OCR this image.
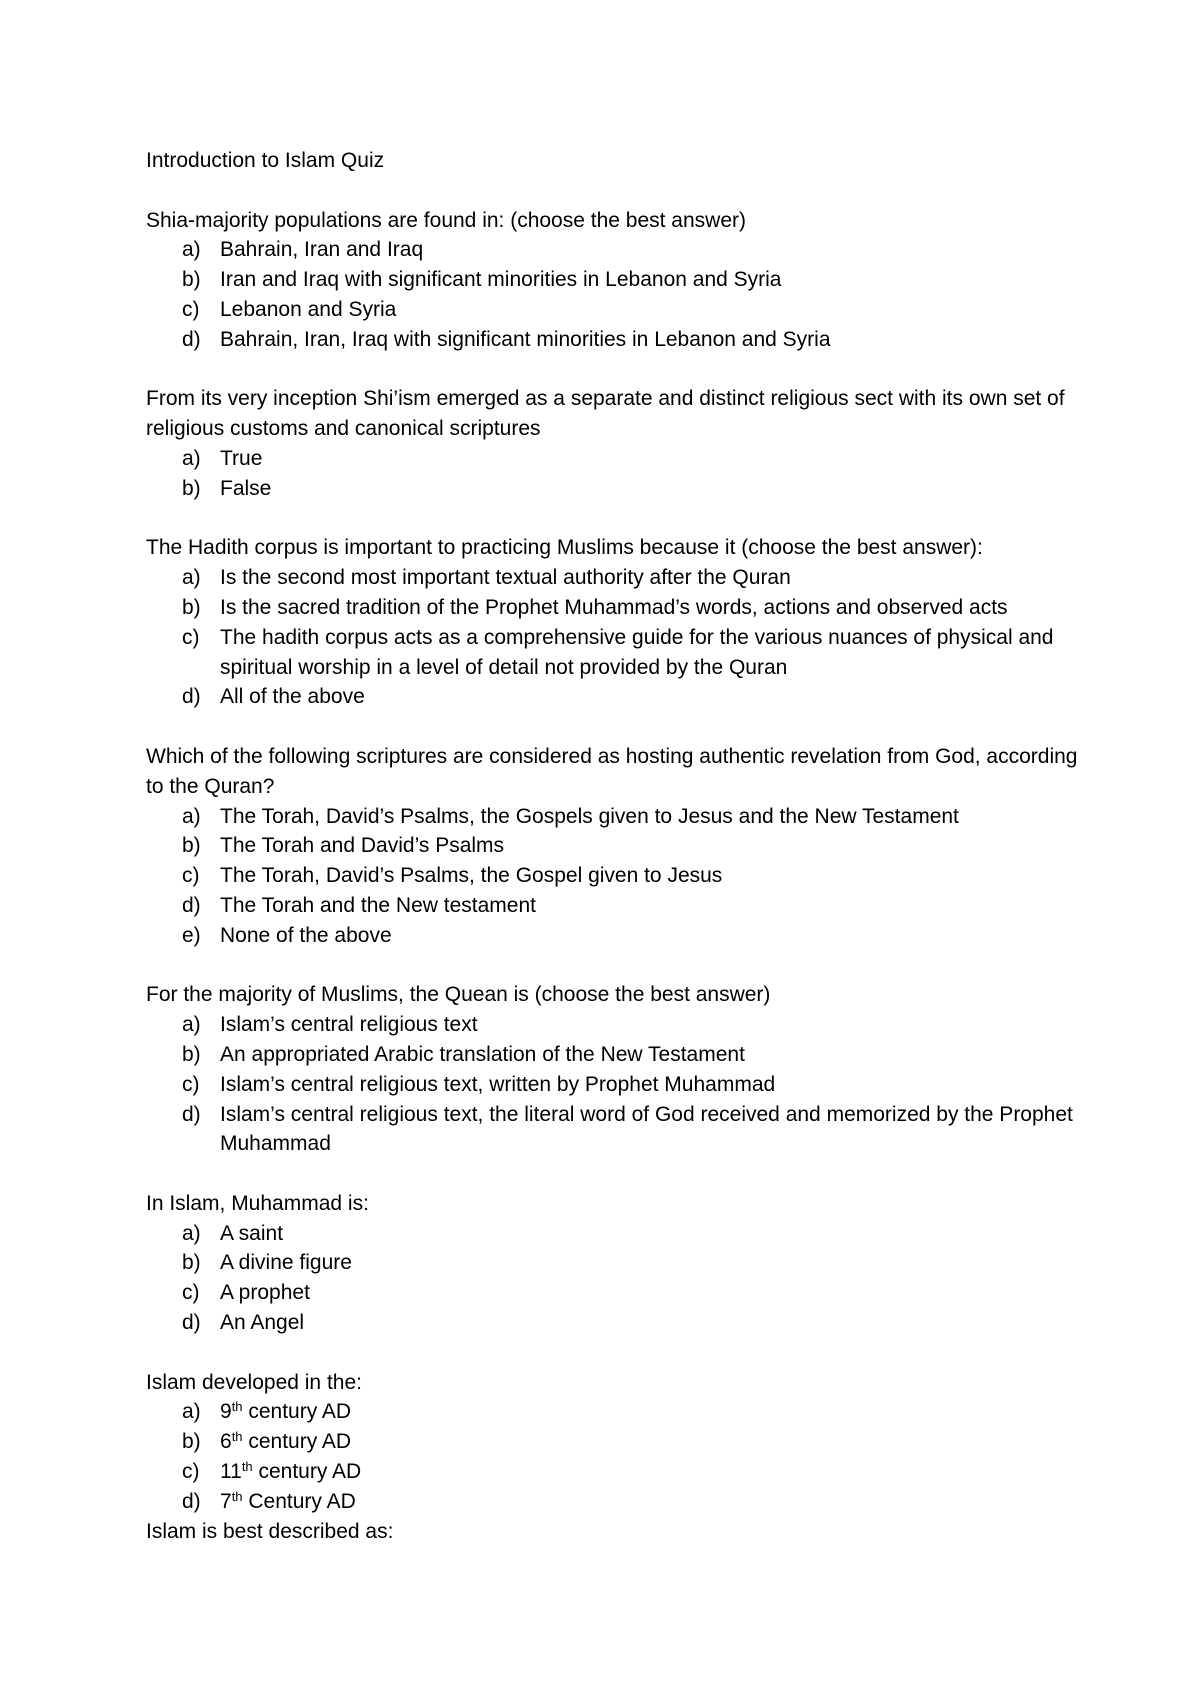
Introduction to Islam Quiz

Shia-majority populations are found in: (choose the best answer)

a) Bahrain, Iran and Iraq
b) Iran and Iraq with significant minorities in Lebanon and Syria
c) Lebanon and Syria
d) Bahrain, Iran, Iraq with significant minorities in Lebanon and Syria

From its very inception Shi’ism emerged as a separate and distinct religious sect with its own set of religious customs and canonical scriptures

a) True
b) False

The Hadith corpus is important to practicing Muslims because it (choose the best answer):

a) Is the second most important textual authority after the Quran
b) Is the sacred tradition of the Prophet Muhammad’s words, actions and observed acts
c) The hadith corpus acts as a comprehensive guide for the various nuances of physical and spiritual worship in a level of detail not provided by the Quran
d) All of the above

Which of the following scriptures are considered as hosting authentic revelation from God, according to the Quran?

a) The Torah, David’s Psalms, the Gospels given to Jesus and the New Testament
b) The Torah and David’s Psalms
c) The Torah, David’s Psalms, the Gospel given to Jesus
d) The Torah and the New testament
e) None of the above

For the majority of Muslims, the Quean is (choose the best answer)

a) Islam’s central religious text
b) An appropriated Arabic translation of the New Testament
c) Islam’s central religious text, written by Prophet Muhammad
d) Islam’s central religious text, the literal word of God received and memorized by the Prophet Muhammad

In Islam, Muhammad is:

a) A saint
b) A divine figure
c) A prophet
d) An Angel

Islam developed in the:

a) 9th century AD
b) 6th century AD
c) 11th century AD
d) 7th Century AD

Islam is best described as:
